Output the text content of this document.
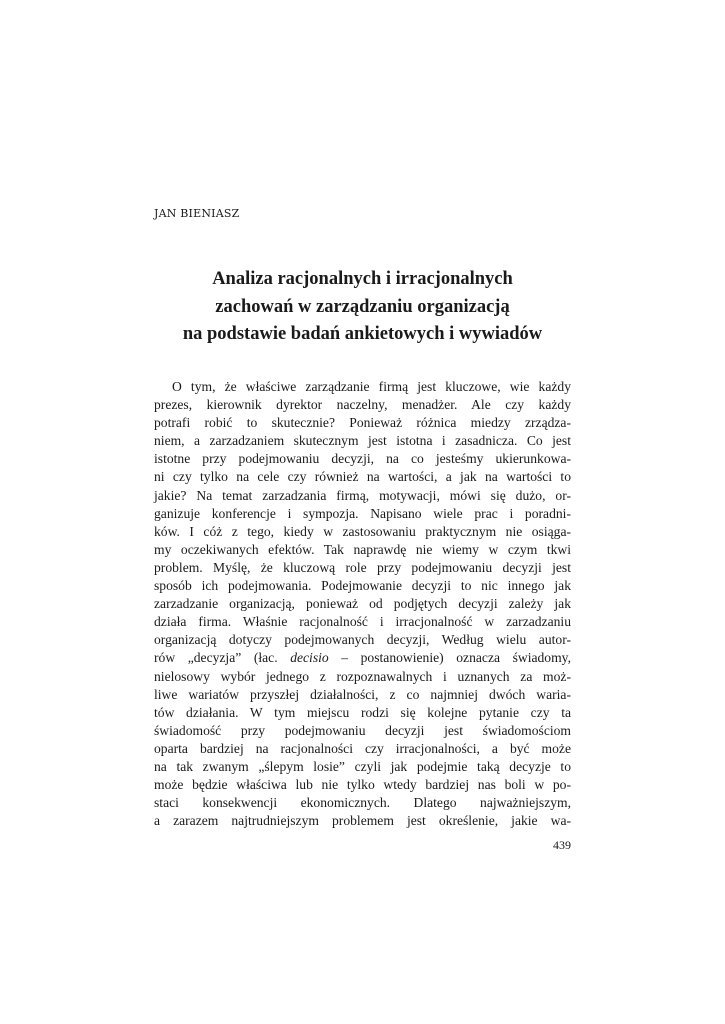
JAN BIENIASZ
Analiza racjonalnych i irracjonalnych
zachowań w zarządzaniu organizacją
na podstawie badań ankietowych i wywiadów
O tym, że właściwe zarządzanie firmą jest kluczowe, wie każdy
prezes, kierownik dyrektor naczelny, menadżer. Ale czy każdy
potrafi robić to skutecznie? Ponieważ różnica miedzy zrządza-
niem, a zarzadzaniem skutecznym jest istotna i zasadnicza. Co jest
istotne przy podejmowaniu decyzji, na co jesteśmy ukierunkowa-
ni czy tylko na cele czy również na wartości, a jak na wartości to
jakie? Na temat zarzadzania firmą, motywacji, mówi się dużo, or-
ganizuje konferencje i sympozja. Napisano wiele prac i poradni-
ków. I cóż z tego, kiedy w zastosowaniu praktycznym nie osiąga-
my oczekiwanych efektów. Tak naprawdę nie wiemy w czym tkwi
problem. Myślę, że kluczową role przy podejmowaniu decyzji jest
sposób ich podejmowania. Podejmowanie decyzji to nic innego jak
zarzadzanie organizacją, ponieważ od podjętych decyzji zależy jak
działa firma. Właśnie racjonalność i irracjonalność w zarzadzaniu
organizacją dotyczy podejmowanych decyzji, Według wielu autor-
rów „decyzja” (łac. decisio – postanowienie) oznacza świadomy,
nielosowy wybór jednego z rozpoznawalnych i uznanych za moż-
liwe wariatów przyszłej działalności, z co najmniej dwóch waria-
tów działania. W tym miejscu rodzi się kolejne pytanie czy ta
świadomość przy podejmowaniu decyzji jest świadomościom
oparta bardziej na racjonalności czy irracjonalności, a być może
na tak zwanym „ślepym losie” czyli jak podejmie taką decyzje to
może będzie właściwa lub nie tylko wtedy bardziej nas boli w po-
staci konsekwencji ekonomicznych. Dlatego najważniejszym,
a zarazem najtrudniejszym problemem jest określenie, jakie wa-
439
